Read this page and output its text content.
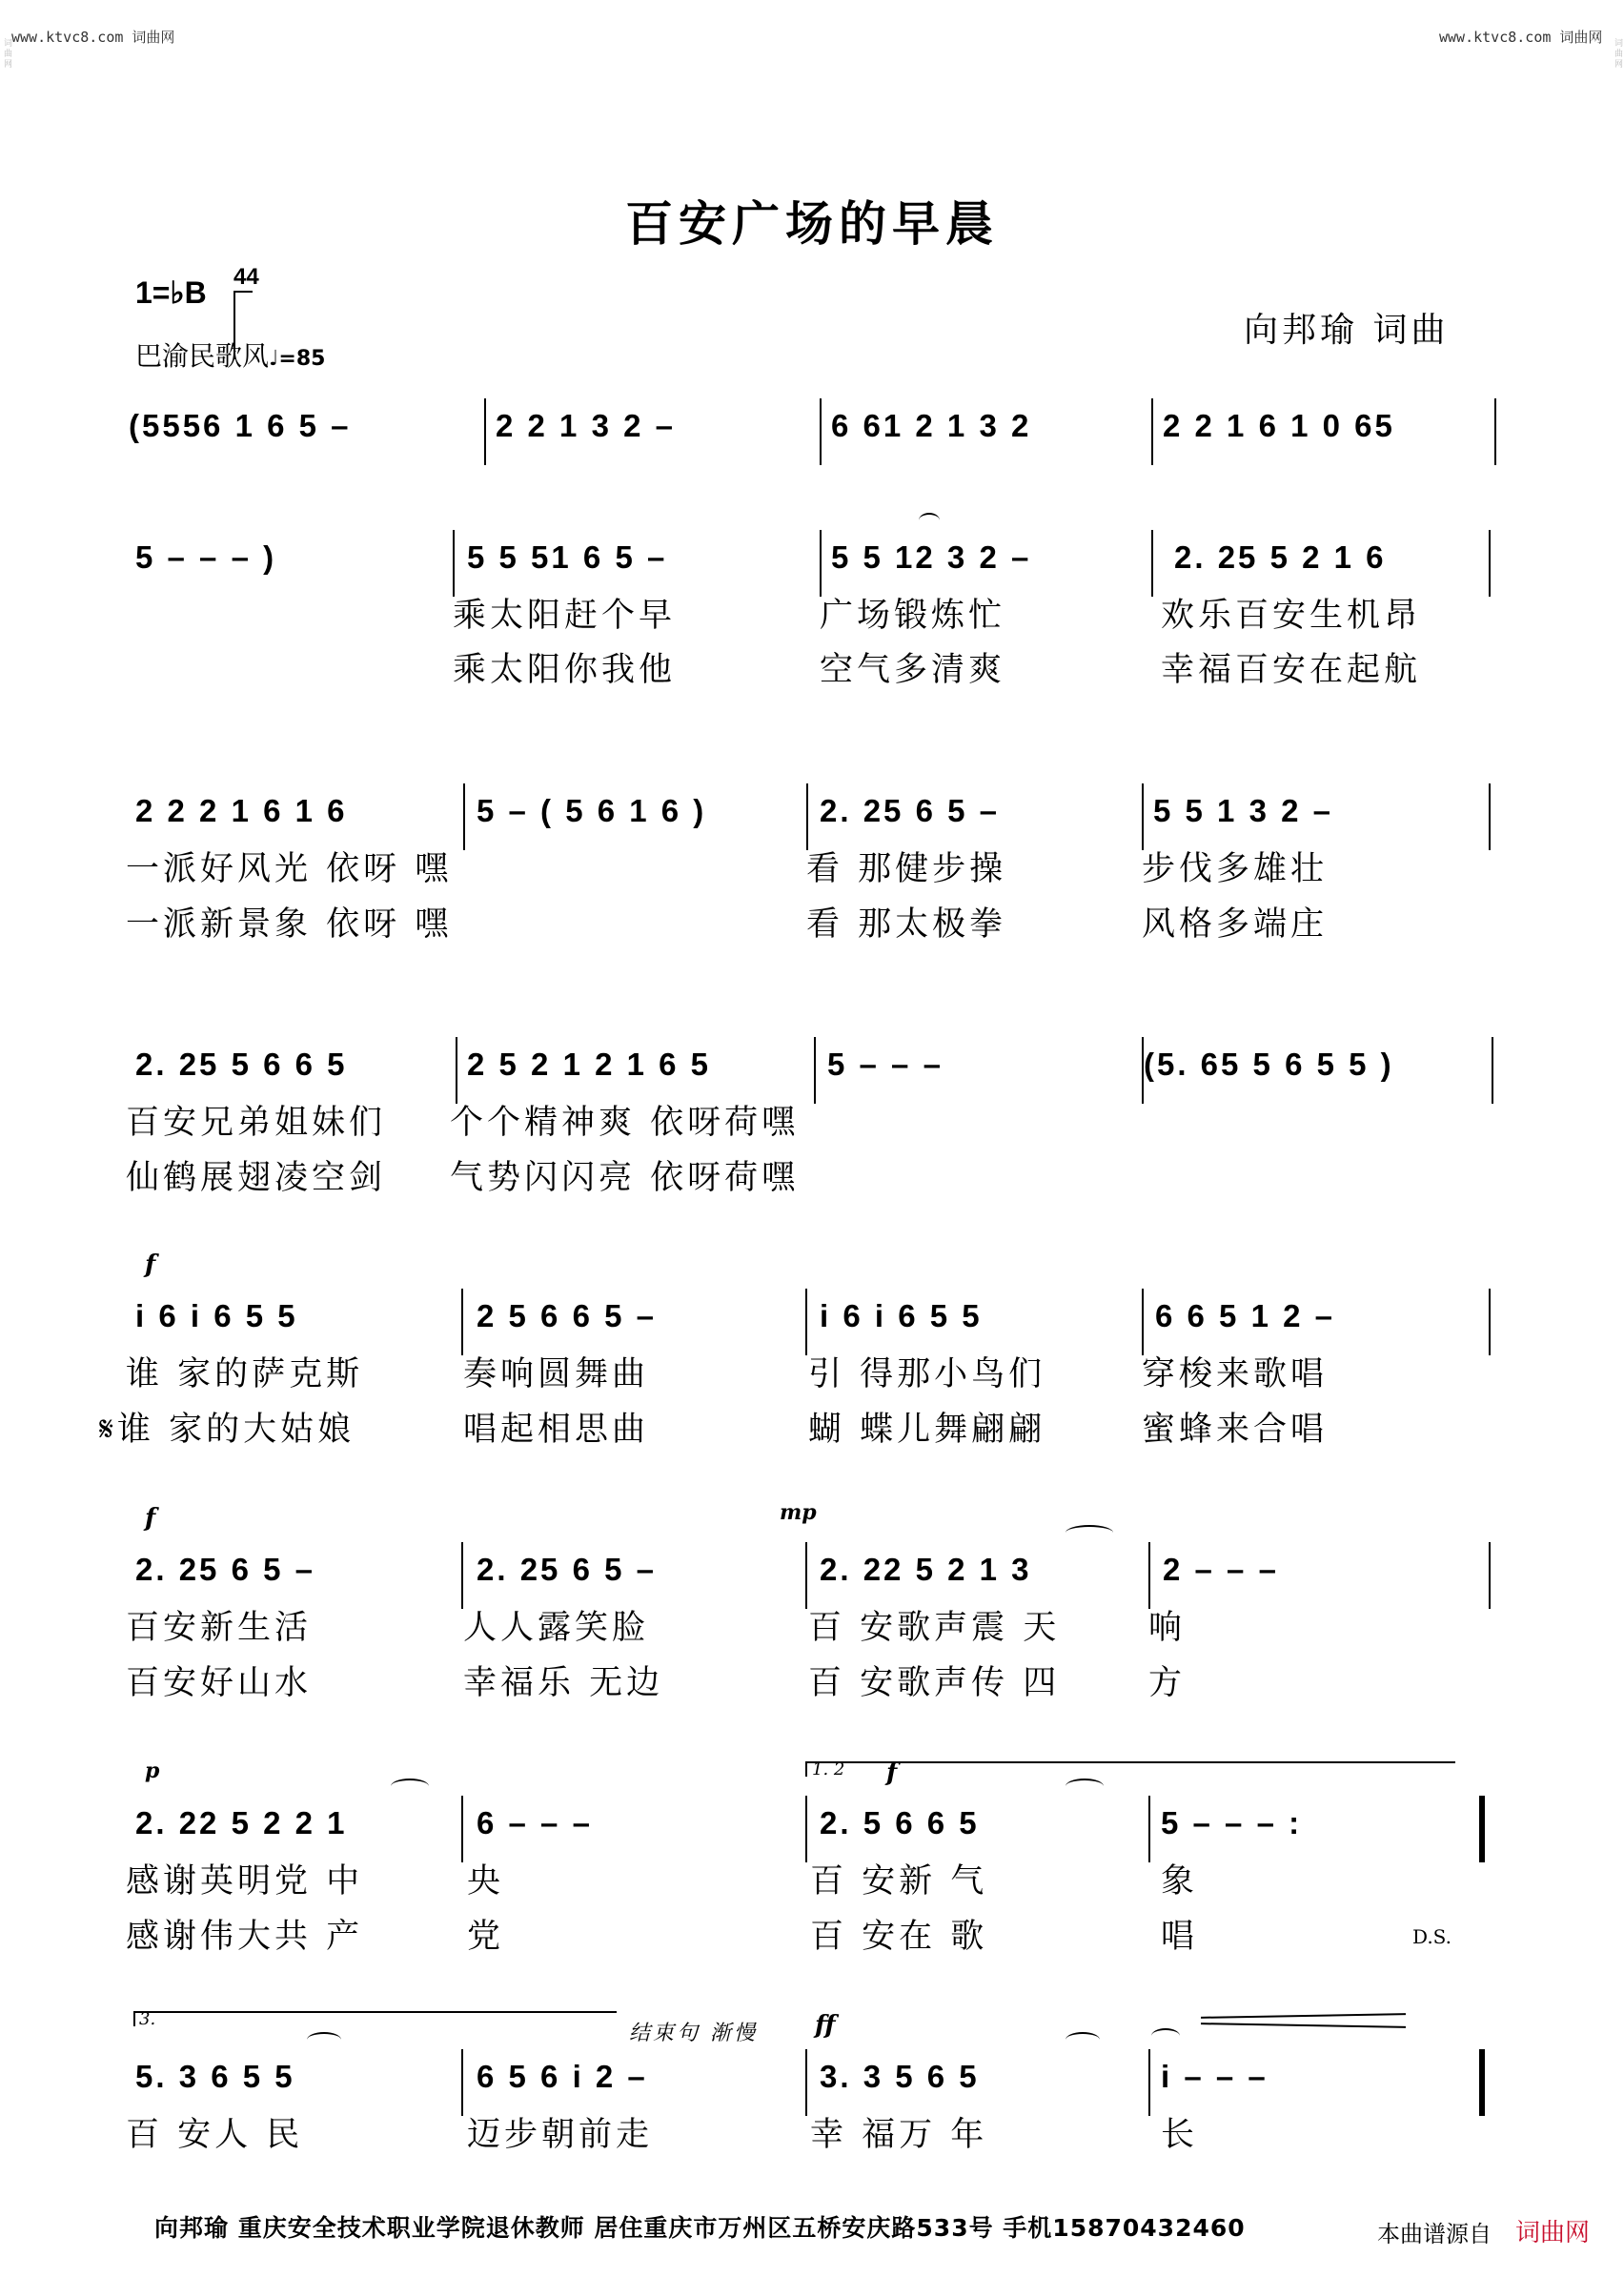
www.ktvc8.com 词曲网	www.ktvc8.com 词曲网
词曲网	词曲网
百安广场的早晨
1=♭B 4
4
巴渝民歌风♩=85
向邦瑜 词曲
(5556 1 6 5 –	2 2 1 3 2 –	6 61 2 1 3 2	2 2 1 6 1 0 65
5 – – – )	5 5 51 6 5 –	5 5 12 3 2 –	2. 25 5 2 1 6
乘太阳赶个早	广场锻炼忙	欢乐百安生机昂
乘太阳你我他	空气多清爽	幸福百安在起航
2 2 2 1 6 1 6	5 – ( 5 6 1 6 )	2. 25 6 5 –	5 5 1 3 2 –
一派好风光 依呀 嘿	看 那健步操	步伐多雄壮
一派新景象 依呀 嘿	看 那太极拳	风格多端庄
2. 25 5 6 6 5	2 5 2 1 2 1 6 5	5 – – –	(5. 65 5 6 5 5 )
百安兄弟姐妹们 个个精神爽 依呀荷嘿
仙鹤展翅凌空剑 气势闪闪亮 依呀荷嘿
f
i 6 i 6 5 5	2 5 6 6 5 –	i 6 i 6 5 5	6 6 5 1 2 –
谁 家的萨克斯	奏响圆舞曲	引 得那小鸟们	穿梭来歌唱
𝄋谁 家的大姑娘	唱起相思曲	蝴 蝶儿舞翩翩	蜜蜂来合唱
f	mp
2. 25 6 5 –	2. 25 6 5 –	2. 22 5 2 1 3	2 – – –
百安新生活	人人露笑脸	百 安歌声震 天	响
百安好山水	幸福乐 无边	百 安歌声传 四	方
p	1. 2 f
2. 22 5 2 2 1	6 – – –	2. 5 6 6 5	5 – – – :
感谢英明党 中	央	百 安新 气	象
感谢伟大共 产	党	百 安在 歌	唱	D.S.
3.
结束句 渐慢 ff
5. 3 6 5 5	6 5 6 i 2 –	3. 3 5 6 5	i – – –
百 安人 民	迈步朝前走	幸 福万 年	长
向邦瑜 重庆安全技术职业学院退休教师 居住重庆市万州区五桥安庆路533号 手机15870432460	本曲谱源自 词曲网
